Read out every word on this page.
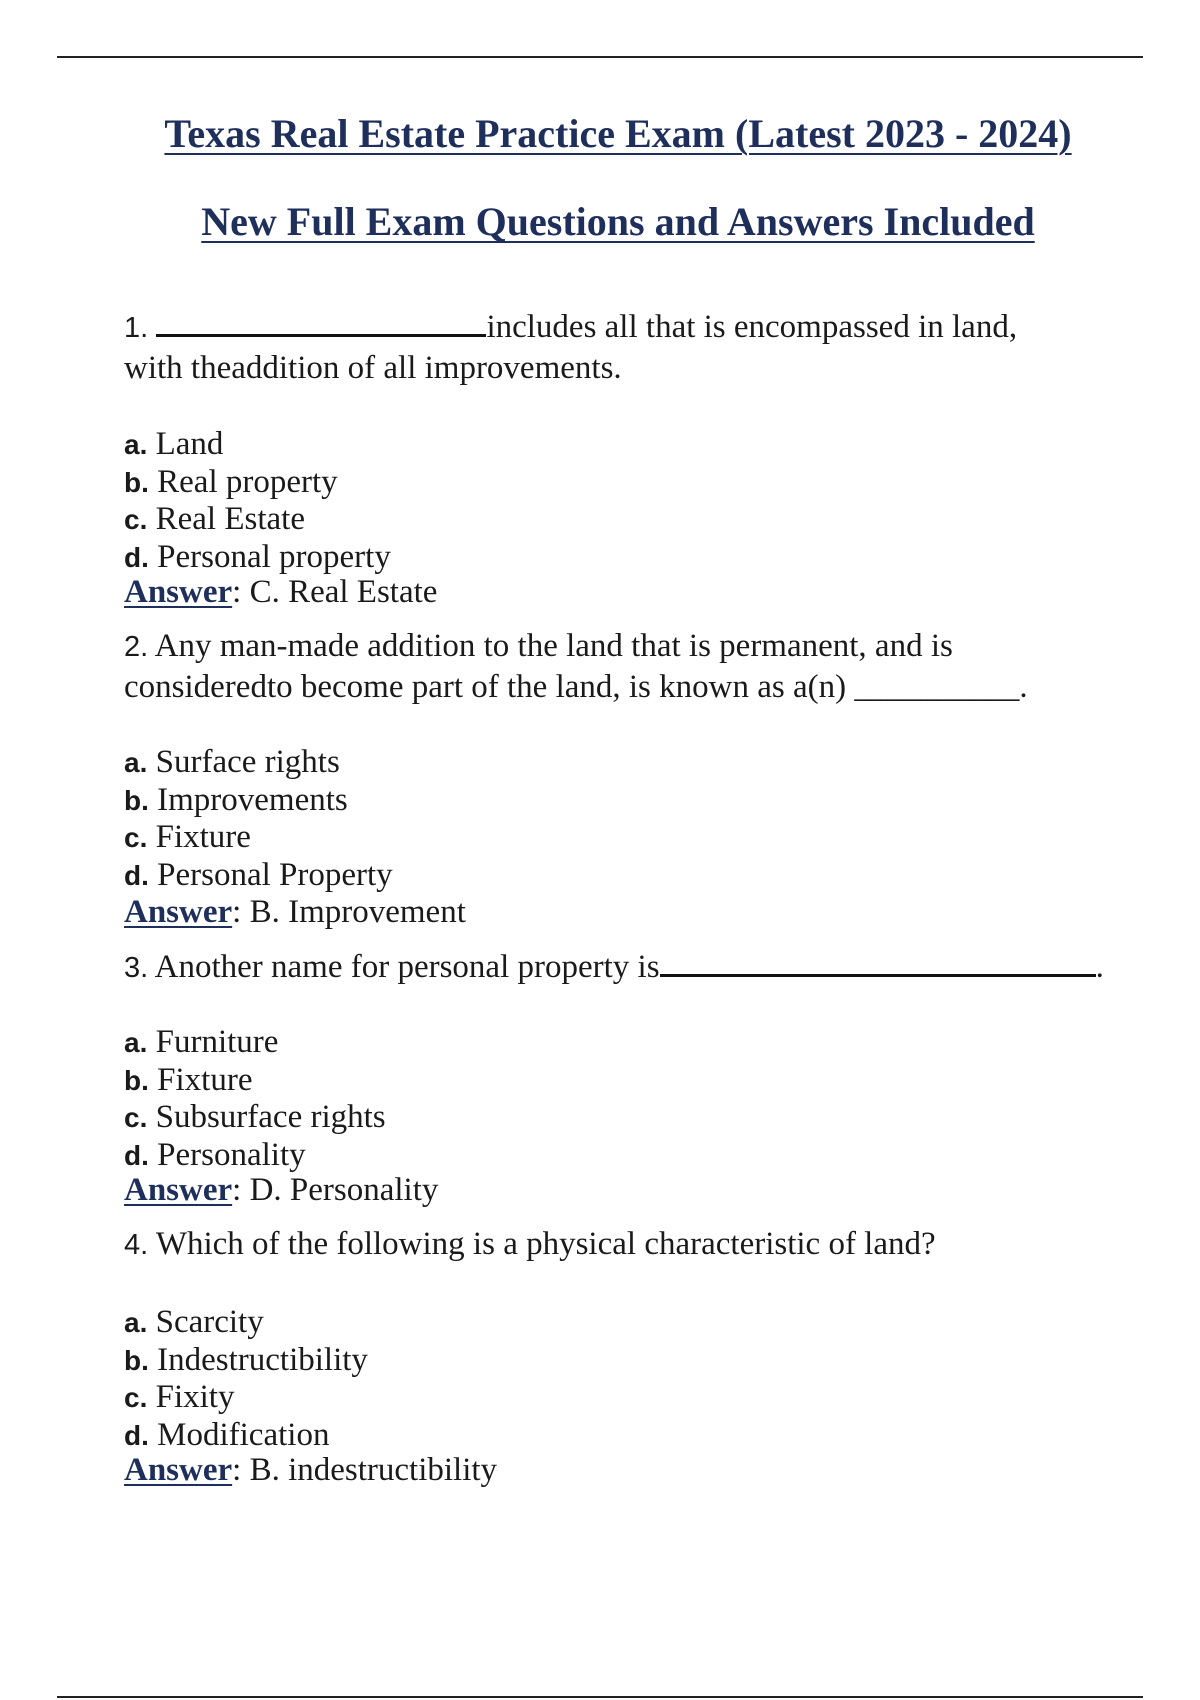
Texas Real Estate Practice Exam (Latest 2023 - 2024)
New Full Exam Questions and Answers Included
1.	includes all that is encompassed in land,
with theaddition of all improvements.
a. Land
b. Real property
c. Real Estate
d. Personal property
Answer: C. Real Estate
2. Any man-made addition to the land that is permanent, and is
consideredto become part of the land, is known as a(n) __________.
a. Surface rights
b. Improvements
c. Fixture
d. Personal Property
Answer: B. Improvement
3. Another name for personal property is	.
a. Furniture
b. Fixture
c. Subsurface rights
d. Personality
Answer: D. Personality
4. Which of the following is a physical characteristic of land?
a. Scarcity
b. Indestructibility
c. Fixity
d. Modification
Answer: B. indestructibility
